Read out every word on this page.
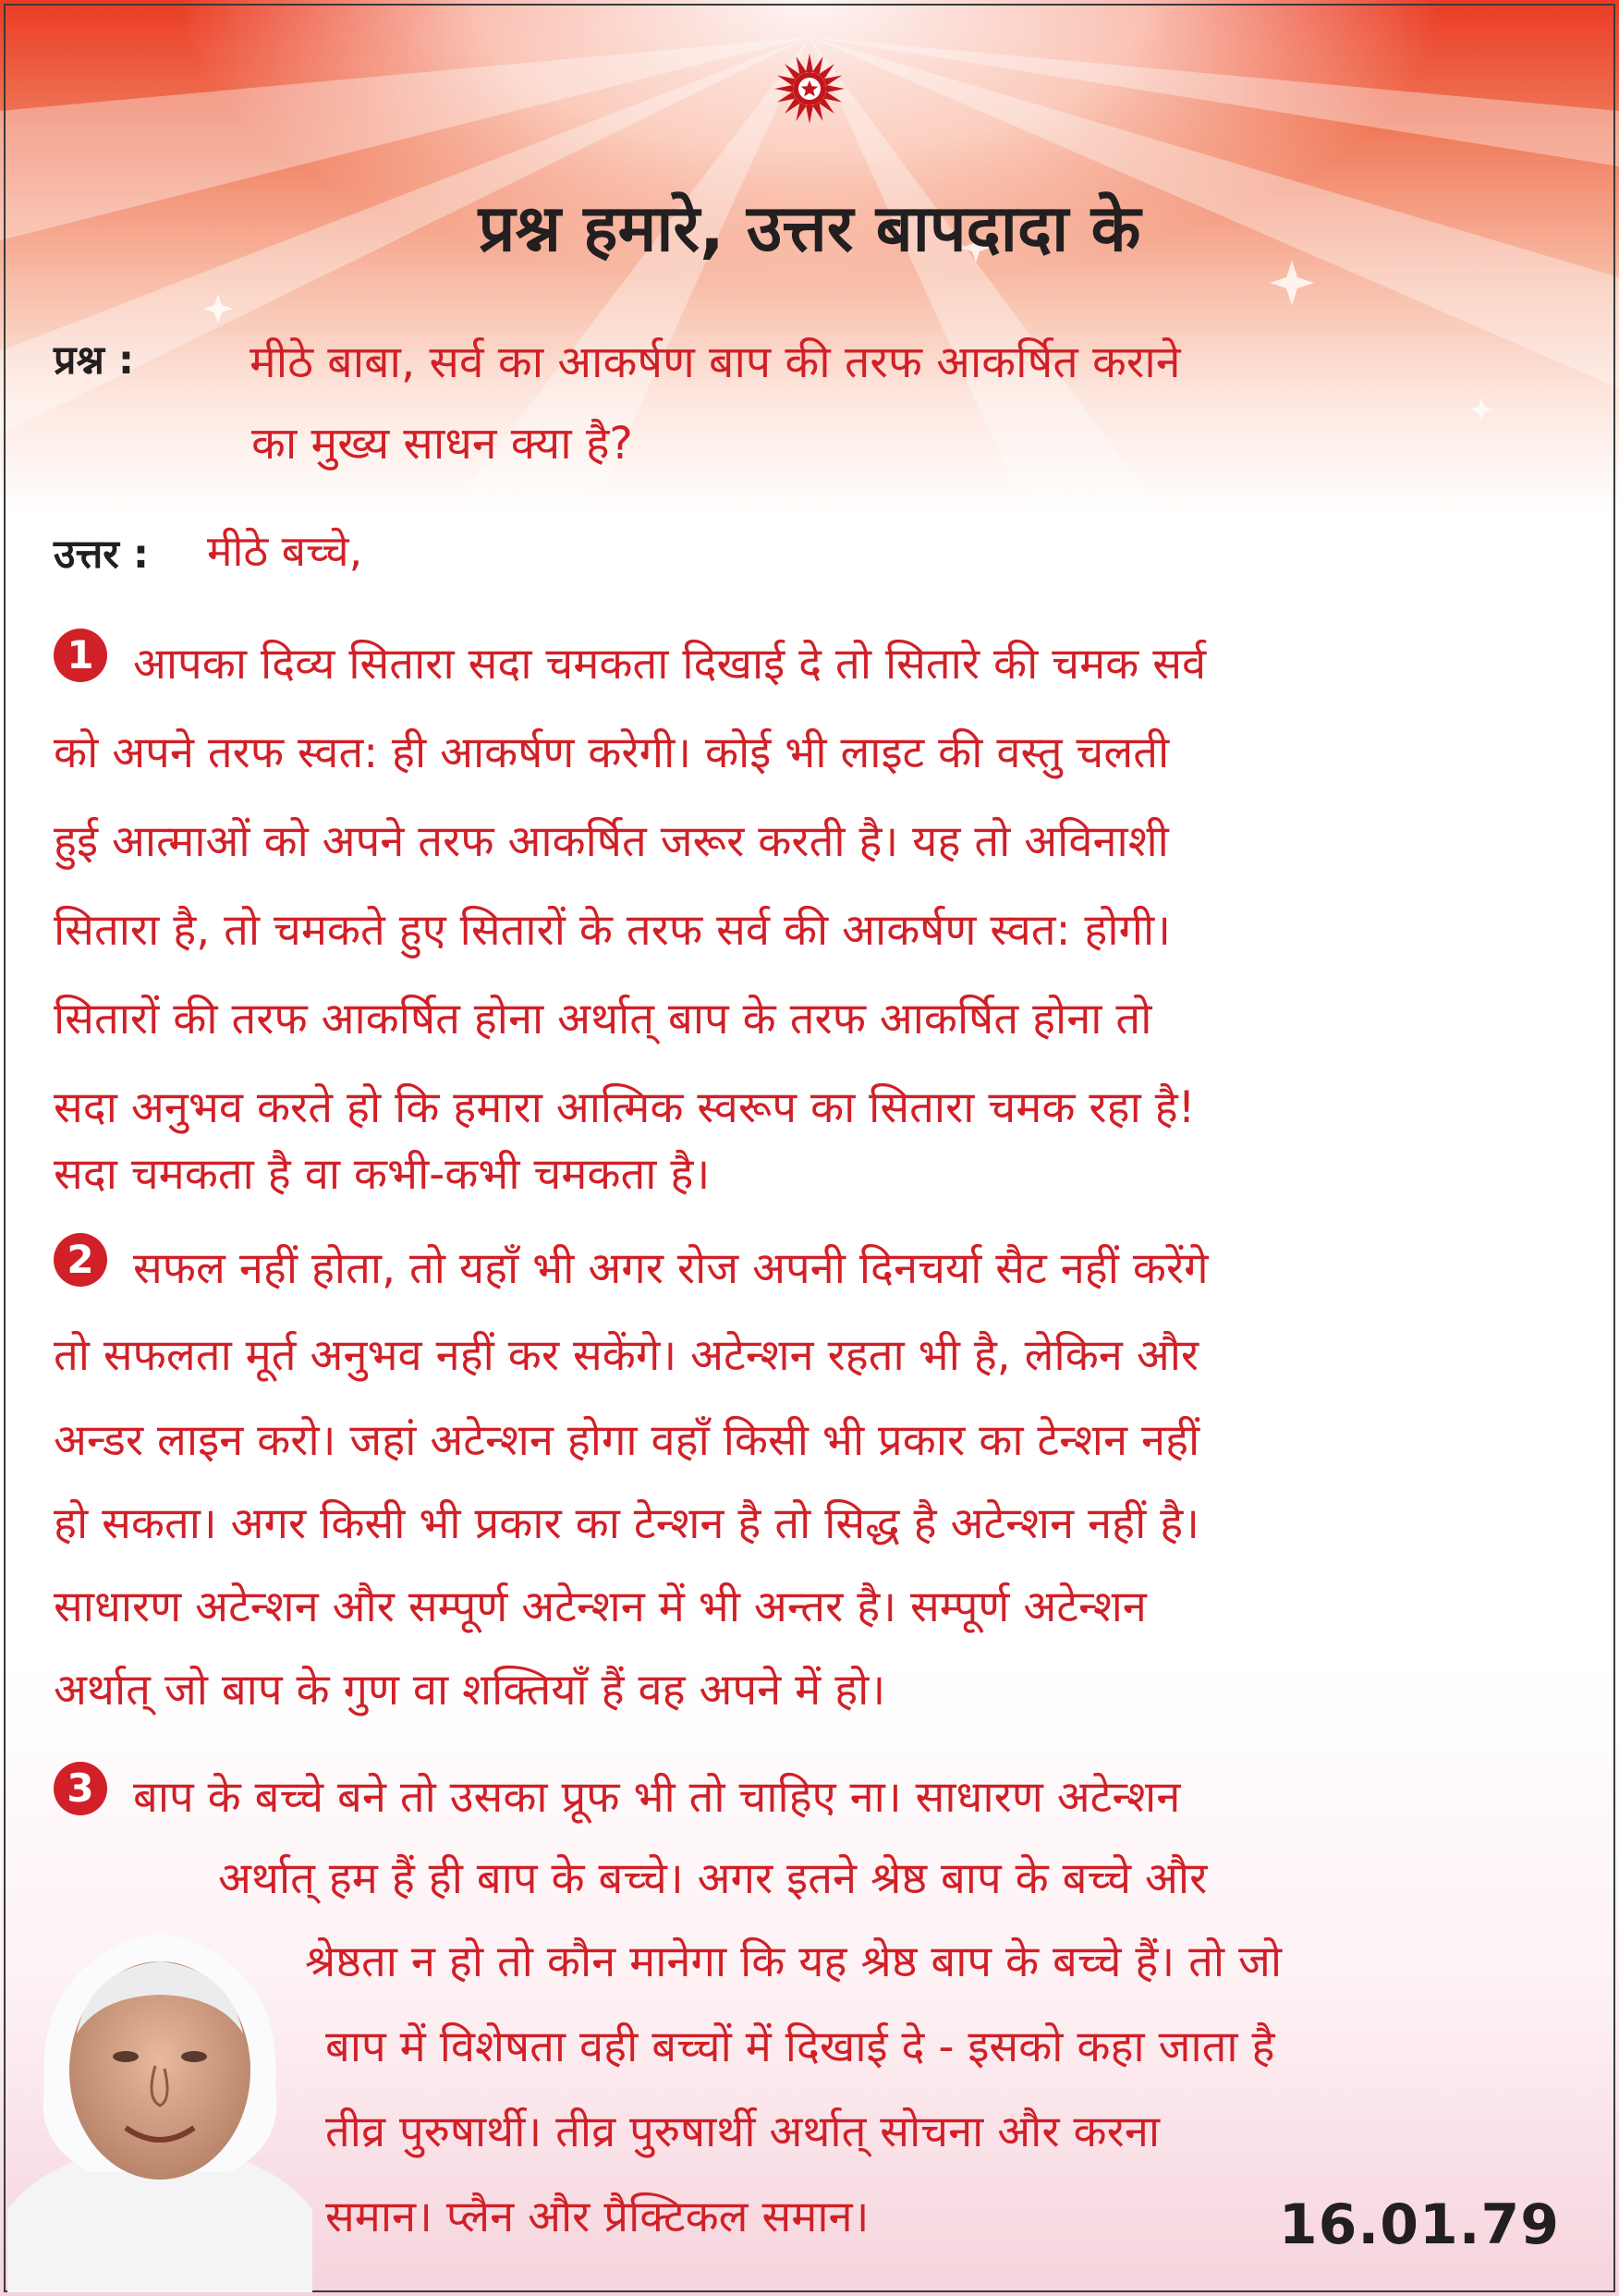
प्रश्न हमारे, उत्तर बापदादा के
प्रश्न :	मीठे बाबा, सर्व का आकर्षण बाप की तरफ आकर्षित कराने
का मुख्य साधन क्या है?
उत्तर : मीठे बच्चे,
1 आपका दिव्य सितारा सदा चमकता दिखाई दे तो सितारे की चमक सर्व
को अपने तरफ स्वत: ही आकर्षण करेगी। कोई भी लाइट की वस्तु चलती
हुई आत्माओं को अपने तरफ आकर्षित जरूर करती है। यह तो अविनाशी
सितारा है, तो चमकते हुए सितारों के तरफ सर्व की आकर्षण स्वत: होगी।
सितारों की तरफ आकर्षित होना अर्थात् बाप के तरफ आकर्षित होना तो
सदा अनुभव करते हो कि हमारा आत्मिक स्वरूप का सितारा चमक रहा है!
सदा चमकता है वा कभी-कभी चमकता है।
2 सफल नहीं होता, तो यहाँ भी अगर रोज अपनी दिनचर्या सैट नहीं करेंगे
तो सफलता मूर्त अनुभव नहीं कर सकेंगे। अटेन्शन रहता भी है, लेकिन और
अन्डर लाइन करो। जहां अटेन्शन होगा वहाँ किसी भी प्रकार का टेन्शन नहीं
हो सकता। अगर किसी भी प्रकार का टेन्शन है तो सिद्ध है अटेन्शन नहीं है।
साधारण अटेन्शन और सम्पूर्ण अटेन्शन में भी अन्तर है। सम्पूर्ण अटेन्शन
अर्थात् जो बाप के गुण वा शक्तियाँ हैं वह अपने में हो।
3 बाप के बच्चे बने तो उसका प्रूफ भी तो चाहिए ना। साधारण अटेन्शन
अर्थात् हम हैं ही बाप के बच्चे। अगर इतने श्रेष्ठ बाप के बच्चे और
श्रेष्ठता न हो तो कौन मानेगा कि यह श्रेष्ठ बाप के बच्चे हैं। तो जो
बाप में विशेषता वही बच्चों में दिखाई दे - इसको कहा जाता है
तीव्र पुरुषार्थी। तीव्र पुरुषार्थी अर्थात् सोचना और करना
समान। प्लैन और प्रैक्टिकल समान।	16.01.79
